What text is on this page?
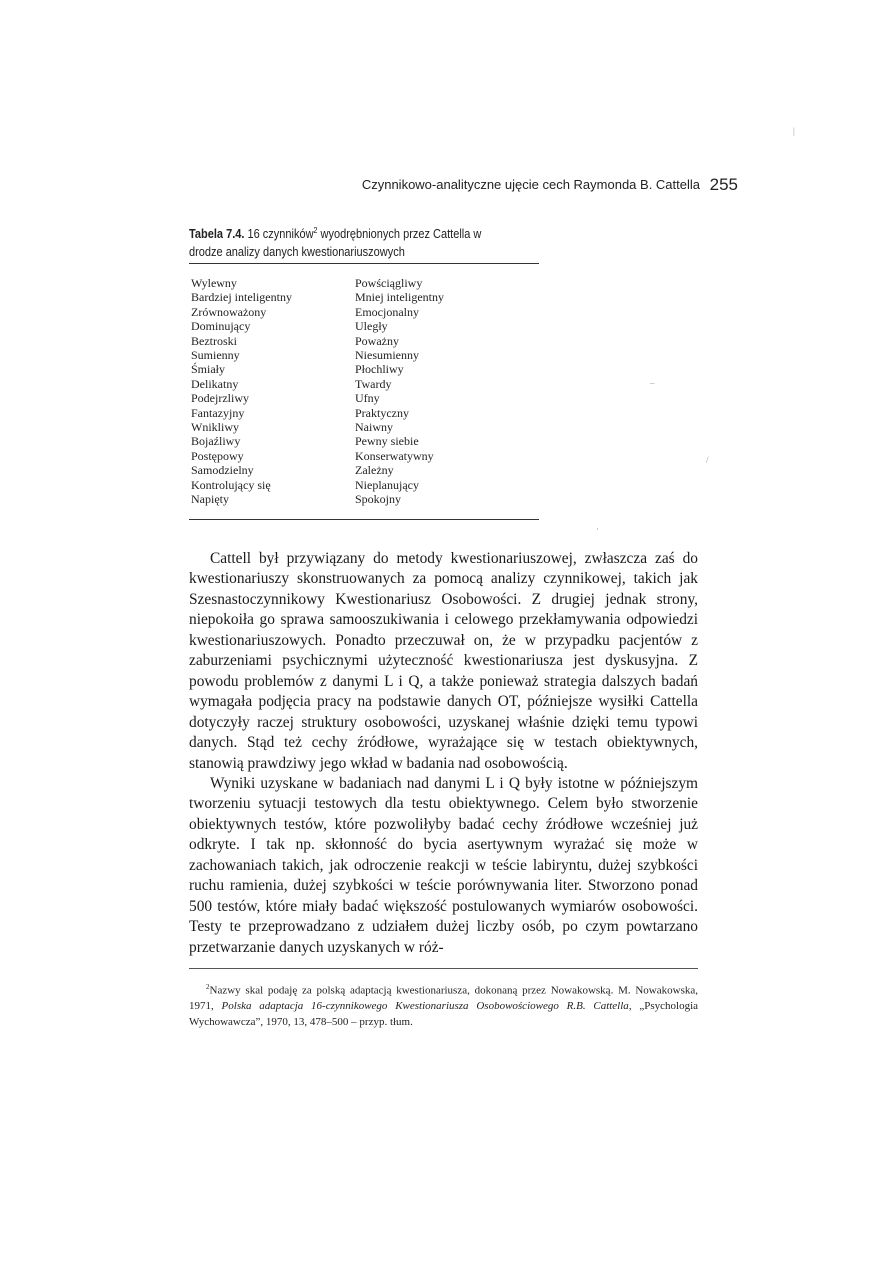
Czynnikowo-analityczne ujęcie cech Raymonda B. Cattella 255
Tabela 7.4. 16 czynników$^2$ wyodrębnionych przez Cattella w drodze analizy danych kwestionariuszowych
Wylewny	Powściągliwy
Bardziej inteligentny	Mniej inteligentny
Zrównoważony	Emocjonalny
Dominujący	Uległy
Beztroski	Poważny
Sumienny	Niesumienny
Śmiały	Płochliwy
Delikatny	Twardy
Podejrzliwy	Ufny
Fantazyjny	Praktyczny
Wnikliwy	Naiwny
Bojaźliwy	Pewny siebie
Postępowy	Konserwatywny
Samodzielny	Zależny
Kontrolujący się	Nieplanujący
Napięty	Spokojny

Cattell był przywiązany do metody kwestionariuszowej, zwłaszcza zaś do kwestionariuszy skonstruowanych za pomocą analizy czynnikowej, takich jak Szesnastoczynnikowy Kwestionariusz Osobowości. Z drugiej jednak strony, niepokoiła go sprawa samooszukiwania i celowego przekłamywania odpowiedzi kwestionariuszowych. Ponadto przeczuwał on, że w przypadku pacjentów z zaburzeniami psychicznymi użyteczność kwestionariusza jest dyskusyjna. Z powodu problemów z danymi L i Q, a także ponieważ strategia dalszych badań wymagała podjęcia pracy na podstawie danych OT, późniejsze wysiłki Cattella dotyczyły raczej struktury osobowości, uzyskanej właśnie dzięki temu typowi danych. Stąd też cechy źródłowe, wyrażające się w testach obiektywnych, stanowią prawdziwy jego wkład w badania nad osobowością.

Wyniki uzyskane w badaniach nad danymi L i Q były istotne w późniejszym tworzeniu sytuacji testowych dla testu obiektywnego. Celem było stworzenie obiektywnych testów, które pozwoliłyby badać cechy źródłowe wcześniej już odkryte. I tak np. skłonność do bycia asertywnym wyrażać się może w zachowaniach takich, jak odroczenie reakcji w teście labiryntu, dużej szybkości ruchu ramienia, dużej szybkości w teście porównywania liter. Stworzono ponad 500 testów, które miały badać większość postulowanych wymiarów osobowości. Testy te przeprowadzano z udziałem dużej liczby osób, po czym powtarzano przetwarzanie danych uzyskanych w róż-

$^2$Nazwy skal podaję za polską adaptacją kwestionariusza, dokonaną przez Nowakowską. M. Nowakowska, 1971, Polska adaptacja 16-czynnikowego Kwestionariusza Osobowościowego R.B. Cattella, „Psychologia Wychowawcza”, 1970, 13, 478–500 – przyp. tłum.
–
/
·
|
